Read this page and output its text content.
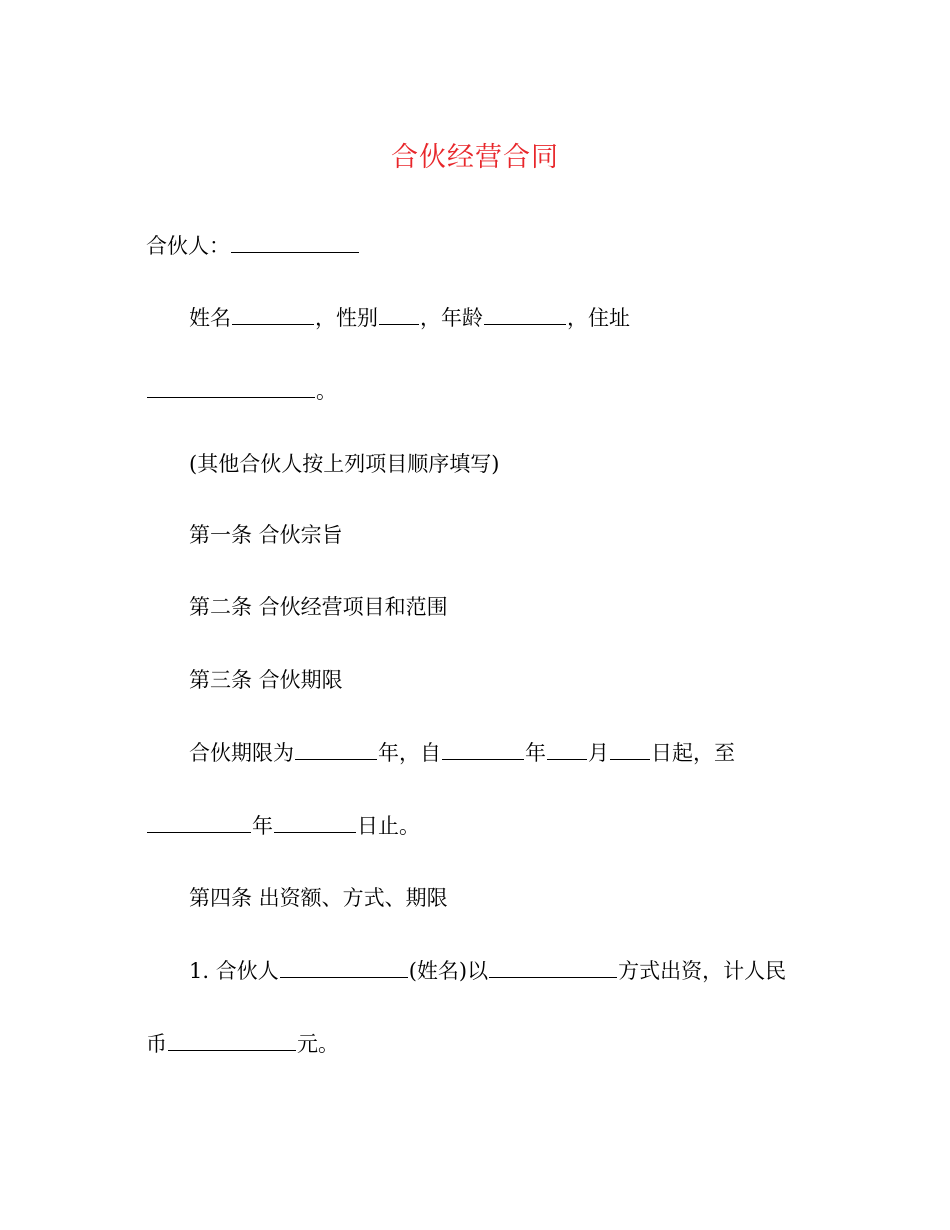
合伙经营合同
合伙人：
姓名	，性别 ，年龄	，住址
。
(其他合伙人按上列项目顺序填写)
第一条 合伙宗旨
第二条 合伙经营项目和范围
第三条 合伙期限
合伙期限为	年，自	年 月 日起，至
年	日止。
第四条 出资额、方式、期限
1. 合伙人	(姓名)以	方式出资，计人民
币	元。
